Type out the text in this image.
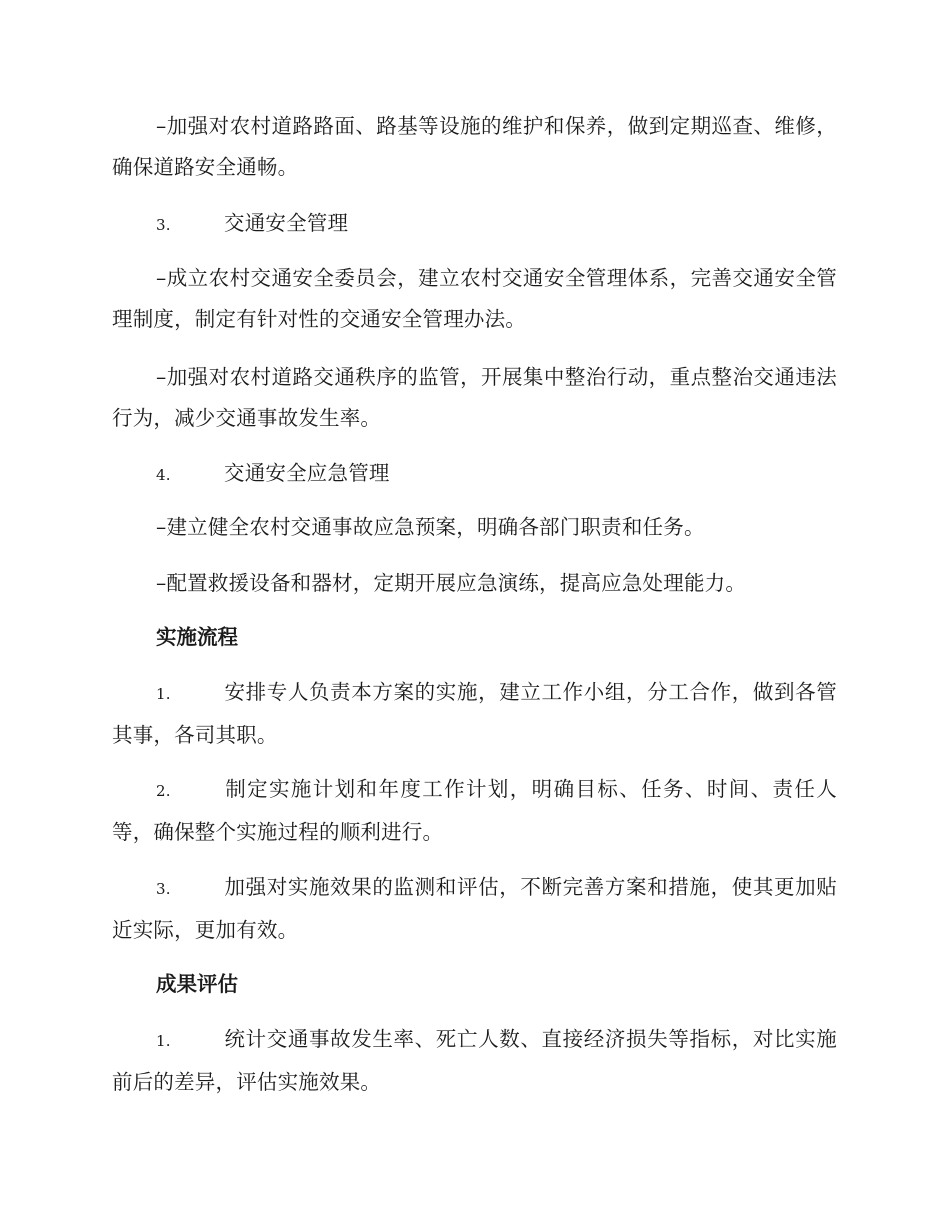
–加强对农村道路路面、路基等设施的维护和保养，做到定期巡查、维修，确保道路安全通畅。

3.	交通安全管理

–成立农村交通安全委员会，建立农村交通安全管理体系，完善交通安全管理制度，制定有针对性的交通安全管理办法。

–加强对农村道路交通秩序的监管，开展集中整治行动，重点整治交通违法行为，减少交通事故发生率。

4.	交通安全应急管理

–建立健全农村交通事故应急预案，明确各部门职责和任务。

–配置救援设备和器材，定期开展应急演练，提高应急处理能力。

实施流程

1.	安排专人负责本方案的实施，建立工作小组，分工合作，做到各管其事，各司其职。

2.	制定实施计划和年度工作计划，明确目标、任务、时间、责任人等，确保整个实施过程的顺利进行。

3.	加强对实施效果的监测和评估，不断完善方案和措施，使其更加贴近实际，更加有效。

成果评估

1.	统计交通事故发生率、死亡人数、直接经济损失等指标，对比实施前后的差异，评估实施效果。
